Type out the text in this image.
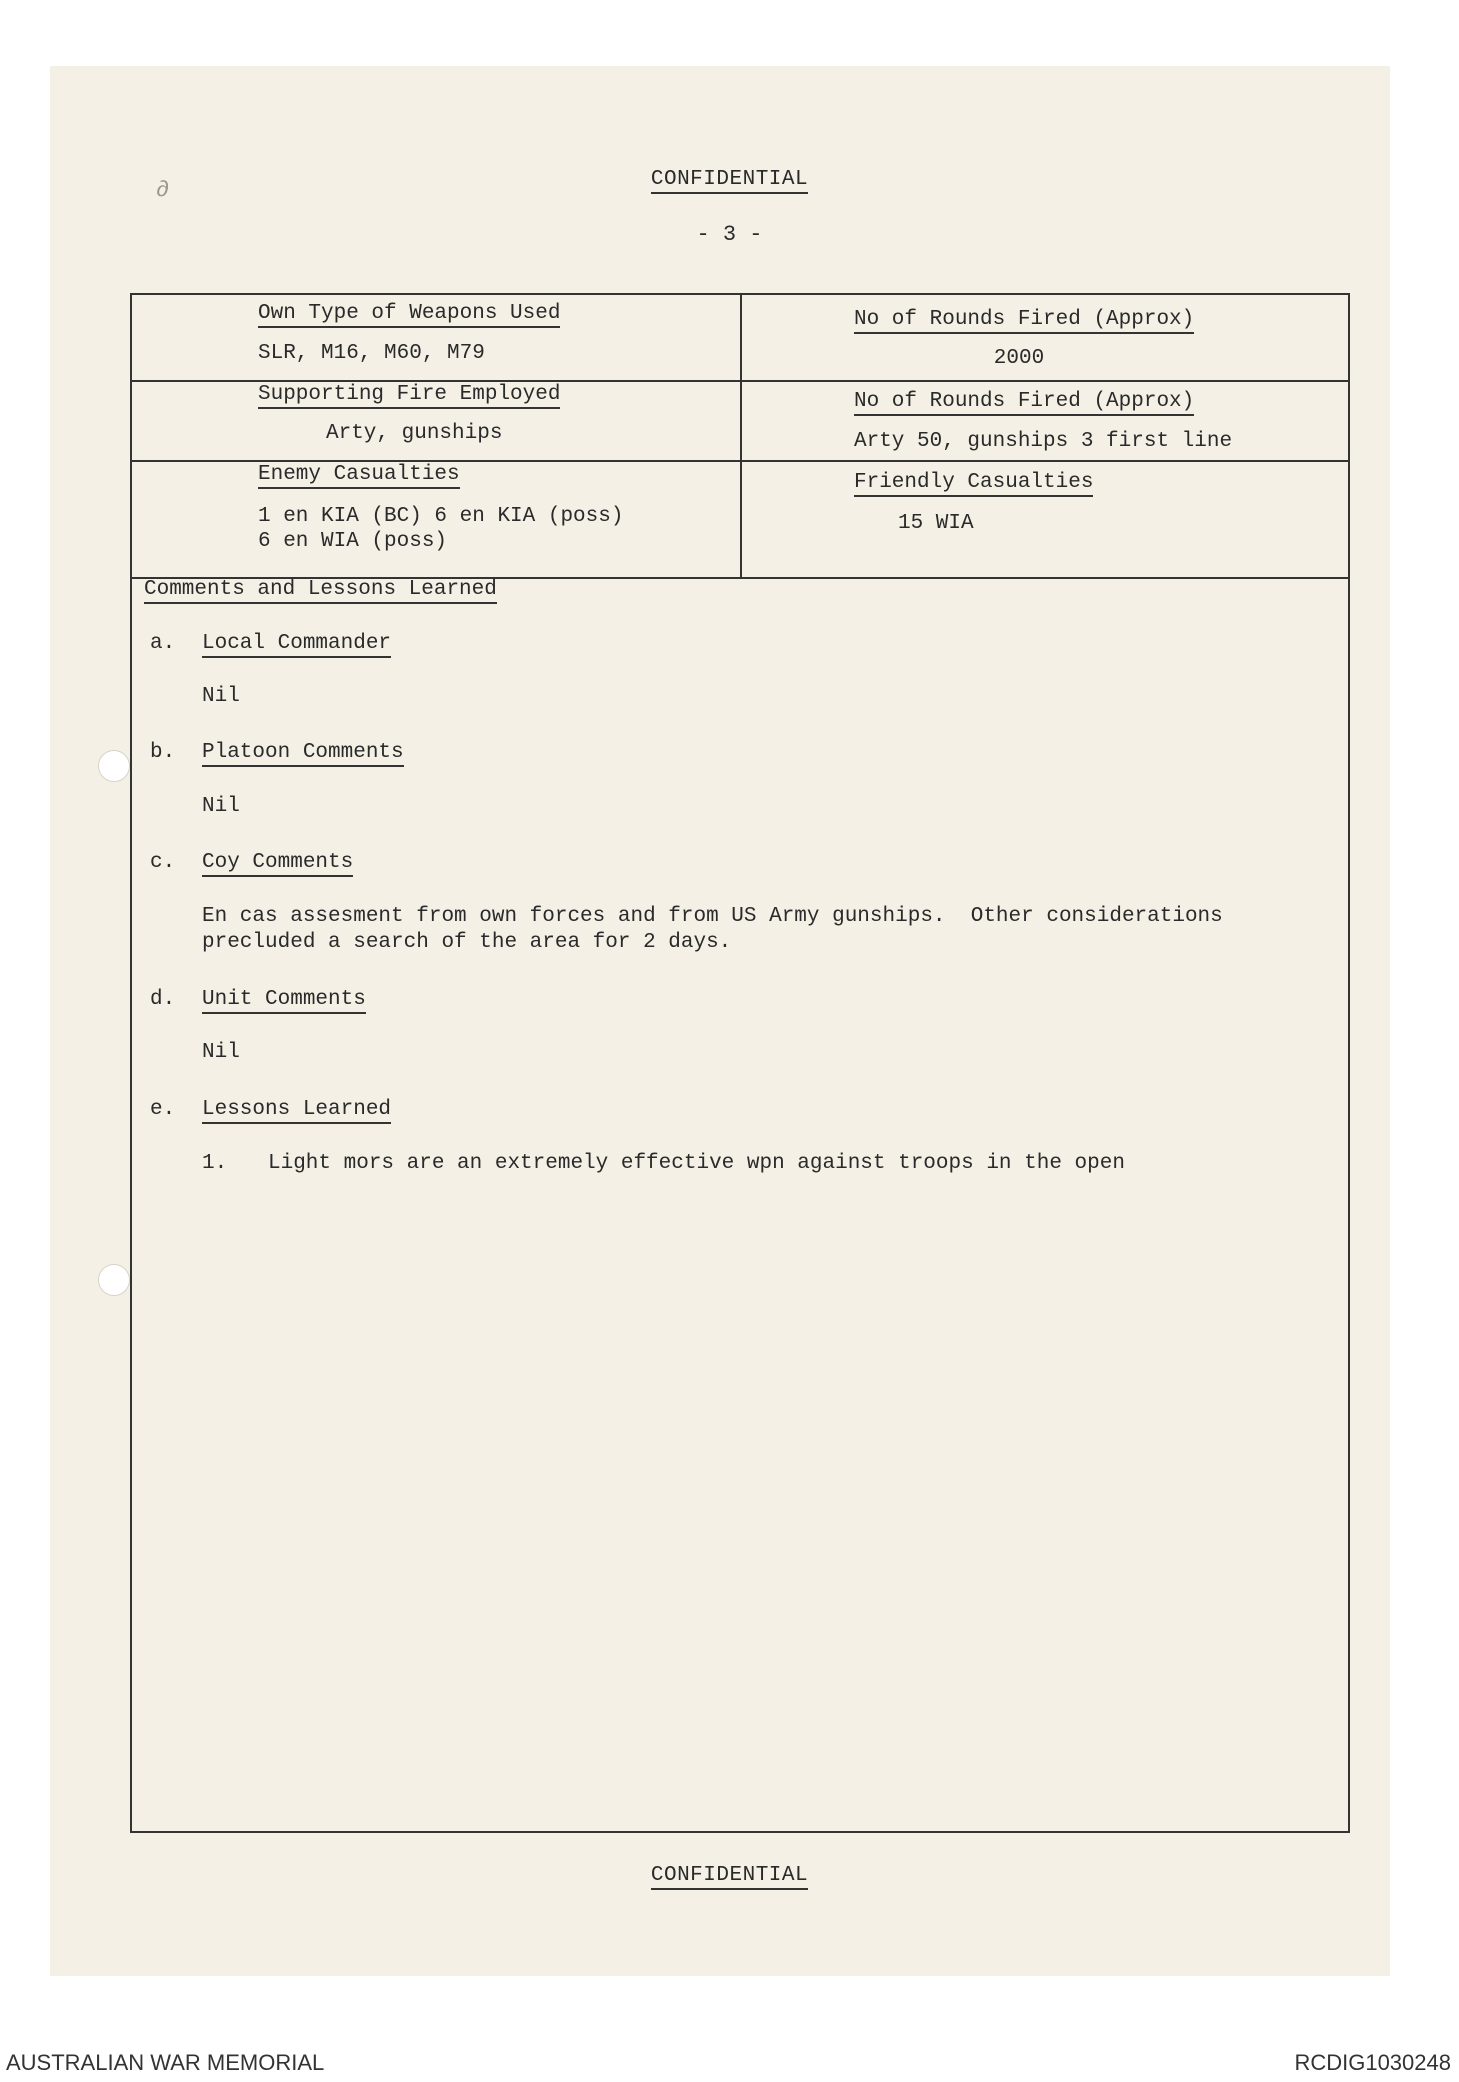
∂	CONFIDENTIAL
- 3 -
Own Type of Weapons Used
SLR, M16, M60, M79
No of Rounds Fired (Approx)
2000
Supporting Fire Employed
Arty, gunships
No of Rounds Fired (Approx)
Arty 50, gunships 3 first line
Enemy Casualties
1 en KIA (BC) 6 en KIA (poss)
6 en WIA (poss)
Friendly Casualties
15 WIA
Comments and Lessons Learned
a. Local Commander
Nil
b. Platoon Comments
Nil
c. Coy Comments
En cas assesment from own forces and from US Army gunships.  Other considerations
precluded a search of the area for 2 days.
d. Unit Comments
Nil
e. Lessons Learned
1. Light mors are an extremely effective wpn against troops in the open
CONFIDENTIAL
AUSTRALIAN WAR MEMORIAL	RCDIG1030248
